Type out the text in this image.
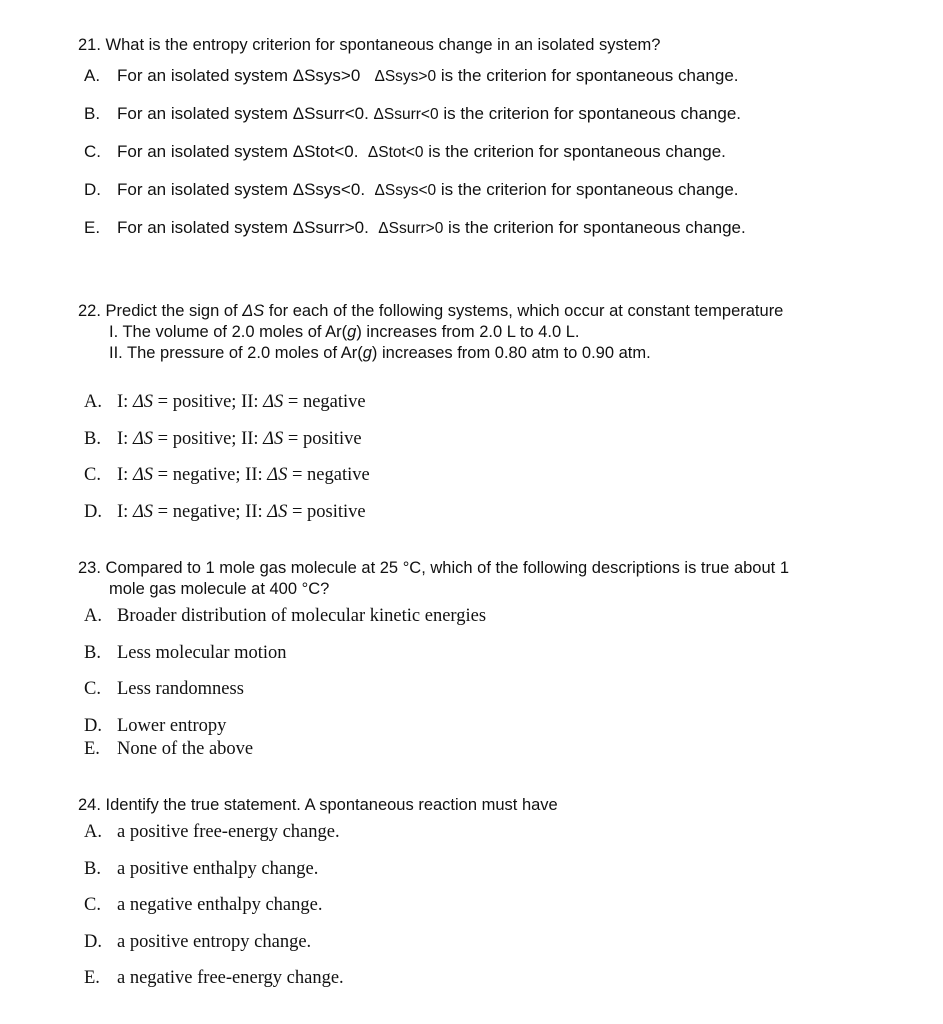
21. What is the entropy criterion for spontaneous change in an isolated system?
A. For an isolated system ΔSsys>0 ΔSsys>0 is the criterion for spontaneous change.
B. For an isolated system ΔSsurr<0. ΔSsurr<0 is the criterion for spontaneous change.
C. For an isolated system ΔStot<0. ΔStot<0 is the criterion for spontaneous change.
D. For an isolated system ΔSsys<0. ΔSsys<0 is the criterion for spontaneous change.
E. For an isolated system ΔSsurr>0. ΔSsurr>0 is the criterion for spontaneous change.
22. Predict the sign of ΔS for each of the following systems, which occur at constant temperature
I. The volume of 2.0 moles of Ar(g) increases from 2.0 L to 4.0 L.
II. The pressure of 2.0 moles of Ar(g) increases from 0.80 atm to 0.90 atm.
A. I: ΔS = positive; II: ΔS = negative
B. I: ΔS = positive; II: ΔS = positive
C. I: ΔS = negative; II: ΔS = negative
D. I: ΔS = negative; II: ΔS = positive
23. Compared to 1 mole gas molecule at 25 °C, which of the following descriptions is true about 1
mole gas molecule at 400 °C?
A. Broader distribution of molecular kinetic energies
B. Less molecular motion
C. Less randomness
D. Lower entropy
E. None of the above
24. Identify the true statement. A spontaneous reaction must have
A. a positive free-energy change.
B. a positive enthalpy change.
C. a negative enthalpy change.
D. a positive entropy change.
E. a negative free-energy change.
